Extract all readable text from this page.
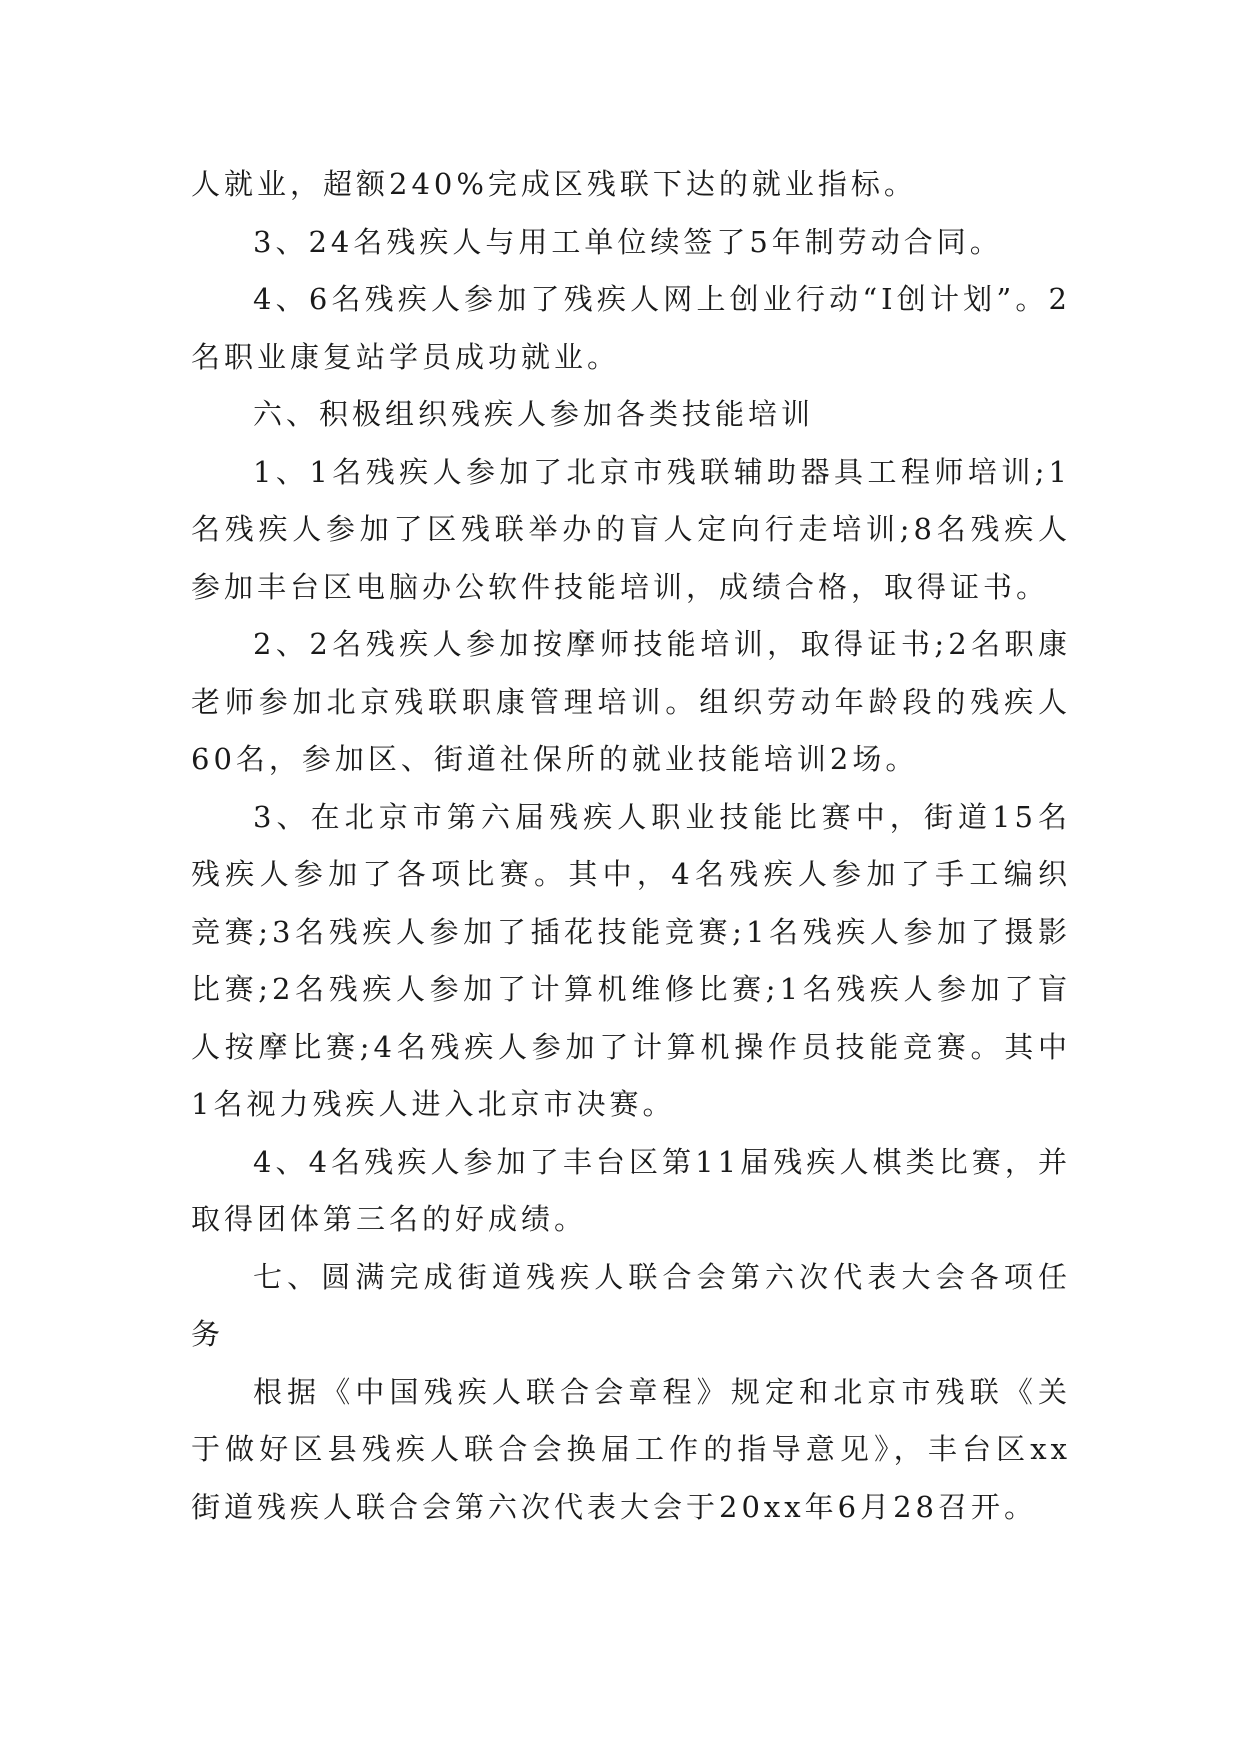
人就业，超额240%完成区残联下达的就业指标。

3、24名残疾人与用工单位续签了5年制劳动合同。

4、6名残疾人参加了残疾人网上创业行动“I创计划”。2名职业康复站学员成功就业。

六、积极组织残疾人参加各类技能培训

1、1名残疾人参加了北京市残联辅助器具工程师培训;1名残疾人参加了区残联举办的盲人定向行走培训;8名残疾人参加丰台区电脑办公软件技能培训，成绩合格，取得证书。

2、2名残疾人参加按摩师技能培训，取得证书;2名职康老师参加北京残联职康管理培训。组织劳动年龄段的残疾人60名，参加区、街道社保所的就业技能培训2场。

3、在北京市第六届残疾人职业技能比赛中，街道15名残疾人参加了各项比赛。其中，4名残疾人参加了手工编织竞赛;3名残疾人参加了插花技能竞赛;1名残疾人参加了摄影比赛;2名残疾人参加了计算机维修比赛;1名残疾人参加了盲人按摩比赛;4名残疾人参加了计算机操作员技能竞赛。其中1名视力残疾人进入北京市决赛。

4、4名残疾人参加了丰台区第11届残疾人棋类比赛，并取得团体第三名的好成绩。

七、圆满完成街道残疾人联合会第六次代表大会各项任务

根据《中国残疾人联合会章程》规定和北京市残联《关于做好区县残疾人联合会换届工作的指导意见》，丰台区xx街道残疾人联合会第六次代表大会于20xx年6月28召开。
